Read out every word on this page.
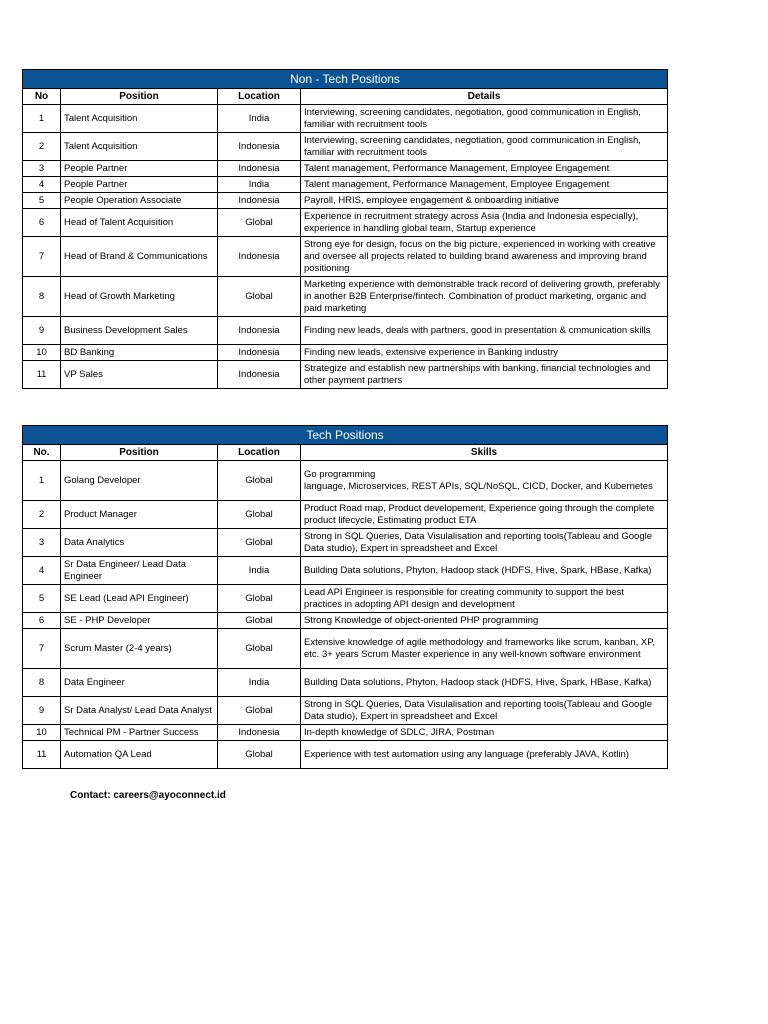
Non - Tech Positions			
No	Position	Location	Details
1	Talent Acquisition	India	Interviewing, screening candidates, negotiation, good communication in English, familiar with recruitment tools
2	Talent Acquisition	Indonesia	Interviewing, screening candidates, negotiation, good communication in English, familiar with recruitment tools
3	People Partner	Indonesia	Talent management, Performance Management, Employee Engagement
4	People Partner	India	Talent management, Performance Management, Employee Engagement
5	People Operation Associate	Indonesia	Payroll, HRIS, employee engagement & onboarding initiative
6	Head of Talent Acquisition	Global	Experience in recruitment strategy across Asia (India and Indonesia especially), experience in handling global team, Startup experience
7	Head of Brand & Communications	Indonesia	Strong eye for design, focus on the big picture, experienced in working with creative and oversee all projects related to building brand awareness and improving brand positioning
8	Head of Growth Marketing	Global	Marketing experience with demonstrable track record of delivering growth, preferably in another B2B Enterprise/fintech. Combination of product marketing, organic and paid marketing
9	Business Development Sales	Indonesia	Finding new leads, deals with partners, good in presentation & cmmunication skills
10	BD Banking	Indonesia	Finding new leads, extensive experience in Banking industry
11	VP Sales	Indonesia	Strategize and establish new partnerships with banking, financial technologies and other payment partners
Tech Positions			
No.	Position	Location	Skills
1	Golang Developer	Global	Go programming
language, Microservices, REST APIs, SQL/NoSQL, CICD, Docker, and Kubernetes
2	Product Manager	Global	Product Road map, Product developement, Experience going through the complete product lifecycle, Estimating product ETA
3	Data Analytics	Global	Strong in SQL Queries, Data Visulalisation and reporting tools(Tableau and Google Data studio), Expert in spreadsheet and Excel
4	Sr Data Engineer/ Lead Data Engineer	India	Building Data solutions, Phyton, Hadoop stack (HDFS, Hive, Spark, HBase, Kafka)
5	SE Lead (Lead API Engineer)	Global	Lead API Engineer is responsible for creating community to support the best practices in adopting API design and development
6	SE - PHP Developer	Global	Strong Knowledge of object-oriented PHP programming
7	Scrum Master (2-4 years)	Global	Extensive knowledge of agile methodology and frameworks like scrum, kanban, XP, etc. 3+ years Scrum Master experience in any well-known software environment
8	Data Engineer	India	Building Data solutions, Phyton, Hadoop stack (HDFS, Hive, Spark, HBase, Kafka)
9	Sr Data Analyst/ Lead Data Analyst	Global	Strong in SQL Queries, Data Visulalisation and reporting tools(Tableau and Google Data studio), Expert in spreadsheet and Excel
10	Technical PM - Partner Success	Indonesia	In-depth knowledge of SDLC, JIRA, Postman
11	Automation QA Lead	Global	Experience with test automation using any language (preferably JAVA, Kotlin)
Contact: careers@ayoconnect.id
